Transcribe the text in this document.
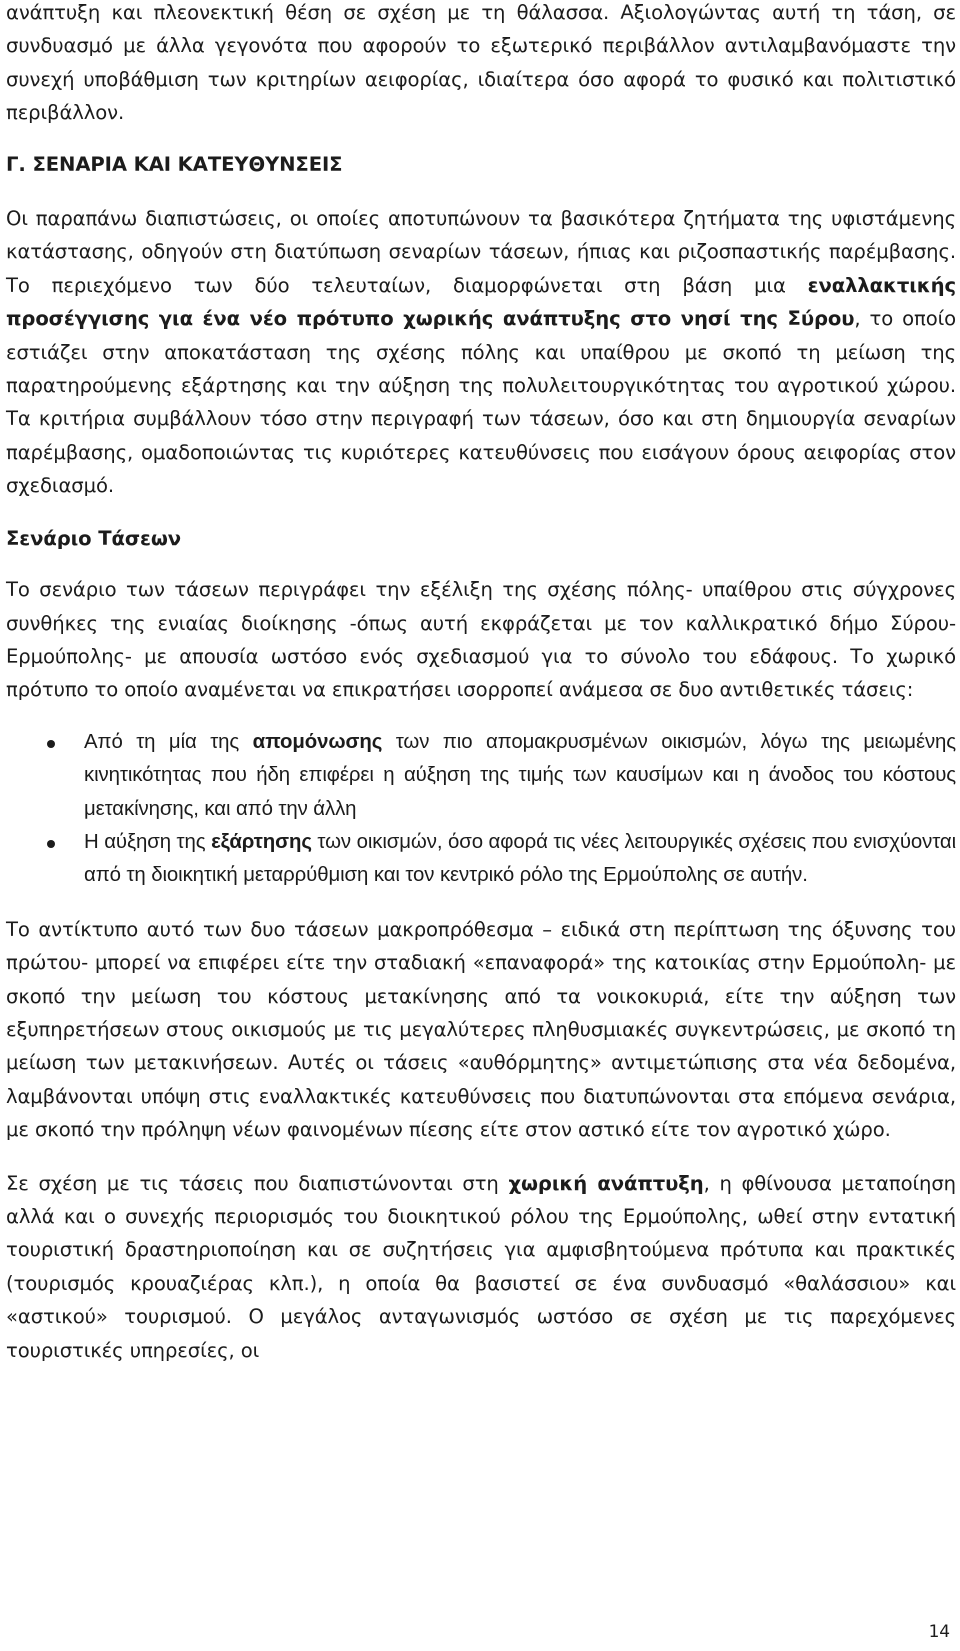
ανάπτυξη και πλεονεκτική θέση σε σχέση με τη θάλασσα. Αξιολογώντας αυτή τη τάση, σε συνδυασμό με άλλα γεγονότα που αφορούν το εξωτερικό περιβάλλον αντιλαμβανόμαστε την συνεχή υποβάθμιση των κριτηρίων αειφορίας, ιδιαίτερα όσο αφορά το φυσικό και πολιτιστικό περιβάλλον.

Γ. ΣΕΝΑΡΙΑ ΚΑΙ ΚΑΤΕΥΘΥΝΣΕΙΣ

Οι παραπάνω διαπιστώσεις, οι οποίες αποτυπώνουν τα βασικότερα ζητήματα της υφιστάμενης κατάστασης, οδηγούν στη διατύπωση σεναρίων τάσεων, ήπιας και ριζοσπαστικής παρέμβασης. Το περιεχόμενο των δύο τελευταίων, διαμορφώνεται στη βάση μια εναλλακτικής προσέγγισης για ένα νέο πρότυπο χωρικής ανάπτυξης στο νησί της Σύρου, το οποίο εστιάζει στην αποκατάσταση της σχέσης πόλης και υπαίθρου με σκοπό τη μείωση της παρατηρούμενης εξάρτησης και την αύξηση της πολυλειτουργικότητας του αγροτικού χώρου. Τα κριτήρια συμβάλλουν τόσο στην περιγραφή των τάσεων, όσο και στη δημιουργία σεναρίων παρέμβασης, ομαδοποιώντας τις κυριότερες κατευθύνσεις που εισάγουν όρους αειφορίας στον σχεδιασμό.

Σενάριο Τάσεων

Το σενάριο των τάσεων περιγράφει την εξέλιξη της σχέσης πόλης- υπαίθρου στις σύγχρονες συνθήκες της ενιαίας διοίκησης -όπως αυτή εκφράζεται με τον καλλικρατικό δήμο Σύρου- Ερμούπολης- με απουσία ωστόσο ενός σχεδιασμού για το σύνολο του εδάφους. Το χωρικό πρότυπο το οποίο αναμένεται να επικρατήσει ισορροπεί ανάμεσα σε δυο αντιθετικές τάσεις:

Από τη μία της απομόνωσης των πιο απομακρυσμένων οικισμών, λόγω της μειωμένης κινητικότητας που ήδη επιφέρει η αύξηση της τιμής των καυσίμων και η άνοδος του κόστους μετακίνησης, και από την άλλη
Η αύξηση της εξάρτησης των οικισμών, όσο αφορά τις νέες λειτουργικές σχέσεις που ενισχύονται από τη διοικητική μεταρρύθμιση και τον κεντρικό ρόλο της Ερμούπολης σε αυτήν.

Το αντίκτυπο αυτό των δυο τάσεων μακροπρόθεσμα – ειδικά στη περίπτωση της όξυνσης του πρώτου- μπορεί να επιφέρει είτε την σταδιακή «επαναφορά» της κατοικίας στην Ερμούπολη- με σκοπό την μείωση του κόστους μετακίνησης από τα νοικοκυριά, είτε την αύξηση των εξυπηρετήσεων στους οικισμούς με τις μεγαλύτερες πληθυσμιακές συγκεντρώσεις, με σκοπό τη μείωση των μετακινήσεων. Αυτές οι τάσεις «αυθόρμητης» αντιμετώπισης στα νέα δεδομένα, λαμβάνονται υπόψη στις εναλλακτικές κατευθύνσεις που διατυπώνονται στα επόμενα σενάρια, με σκοπό την πρόληψη νέων φαινομένων πίεσης είτε στον αστικό είτε τον αγροτικό χώρο.

Σε σχέση με τις τάσεις που διαπιστώνονται στη χωρική ανάπτυξη, η φθίνουσα μεταποίηση αλλά και ο συνεχής περιορισμός του διοικητικού ρόλου της Ερμούπολης, ωθεί στην εντατική τουριστική δραστηριοποίηση και σε συζητήσεις για αμφισβητούμενα πρότυπα και πρακτικές (τουρισμός κρουαζιέρας κλπ.), η οποία θα βασιστεί σε ένα συνδυασμό «θαλάσσιου» και «αστικού» τουρισμού. Ο μεγάλος ανταγωνισμός ωστόσο σε σχέση με τις παρεχόμενες τουριστικές υπηρεσίες, οι

14
